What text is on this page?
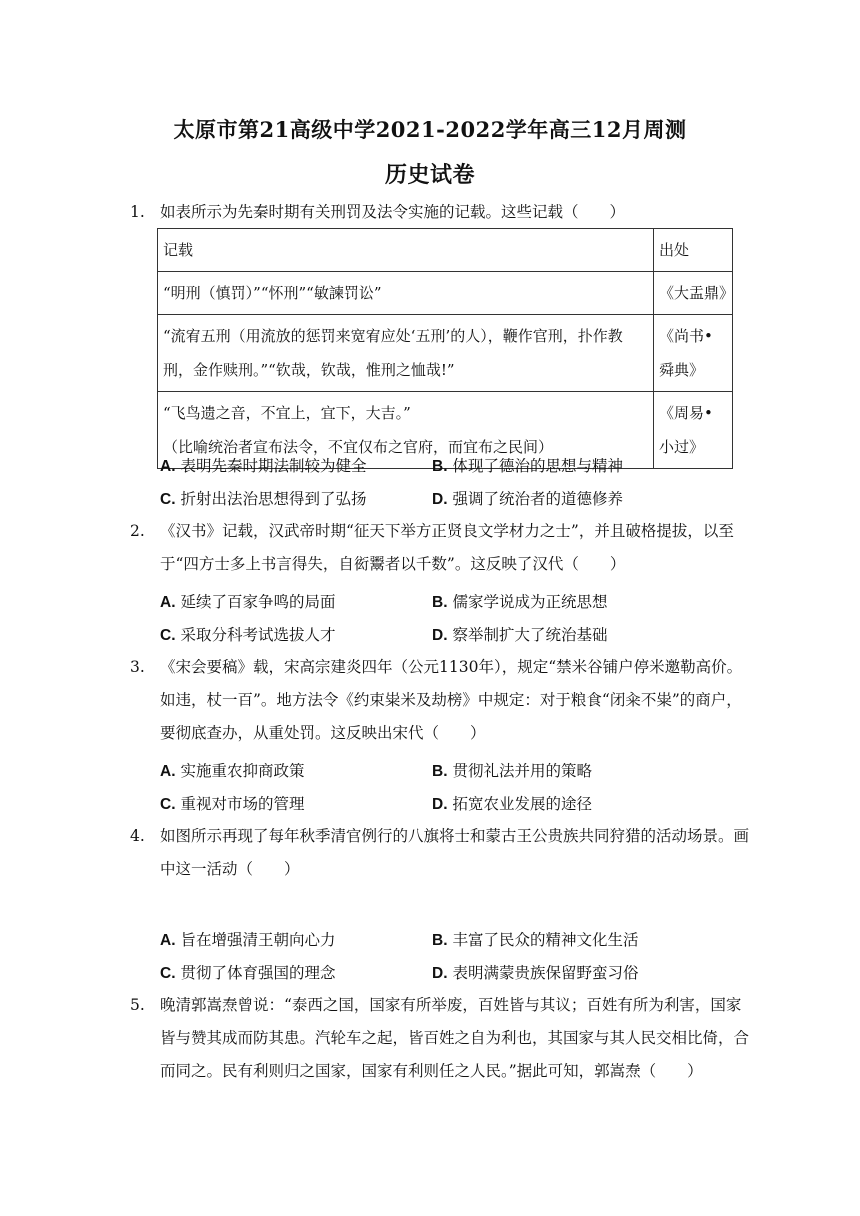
太原市第21高级中学2021-2022学年高三12月周测
历史试卷
1. 如表所示为先秦时期有关刑罚及法令实施的记载。这些记载（　　）
记载	出处
“明刑（慎罚）”“怀刑”“敏諫罚讼”	《大盂鼎》
“流宥五刑（用流放的惩罚来宽宥应处‘五刑’的人），鞭作官刑，扑作教刑，金作赎刑。”“钦哉，钦哉，惟刑之恤哉!”	《尚书•舜典》

“飞鸟遗之音，不宜上，宜下，大吉。”
（比喻统治者宣布法令，不宜仅布之官府，而宜布之民间）	《周易•小过》
A. 表明先秦时期法制较为健全	B. 体现了德治的思想与精神
C. 折射出法治思想得到了弘扬	D. 强调了统治者的道德修养
2. 《汉书》记载，汉武帝时期“征天下举方正贤良文学材力之士”，并且破格提拔，以至
于“四方士多上书言得失，自衒鬻者以千数”。这反映了汉代（　　）
A. 延续了百家争鸣的局面	B. 儒家学说成为正统思想
C. 采取分科考试选拔人才	D. 察举制扩大了统治基础
3. 《宋会要稿》载，宋高宗建炎四年（公元1130年），规定“禁米谷铺户停米邀勒高价。
如违，杖一百”。地方法令《约束粜米及劫榜》中规定：对于粮食“闭籴不粜”的商户，
要彻底查办，从重处罚。这反映出宋代（　　）
A. 实施重农抑商政策	B. 贯彻礼法并用的策略
C. 重视对市场的管理	D. 拓宽农业发展的途径
4. 如图所示再现了每年秋季清官例行的八旗将士和蒙古王公贵族共同狩猎的活动场景。画
中这一活动（　　）
A. 旨在增强清王朝向心力	B. 丰富了民众的精神文化生活
C. 贯彻了体育强国的理念	D. 表明满蒙贵族保留野蛮习俗
5. 晚清郭嵩焘曾说：“泰西之国，国家有所举废，百姓皆与其议；百姓有所为利害，国家
皆与赞其成而防其患。汽轮车之起，皆百姓之自为利也，其国家与其人民交相比倚，合
而同之。民有利则归之国家，国家有利则任之人民。”据此可知，郭嵩焘（　　）
